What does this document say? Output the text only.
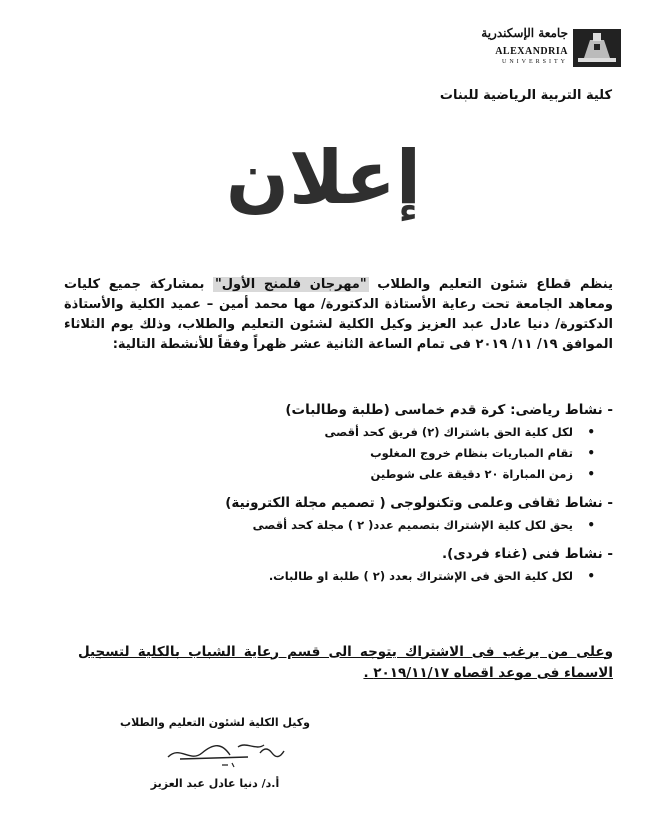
جامعة الإسكندرية
ALEXANDRIA
UNIVERSITY
كلية التربية الرياضية للبنات
إعلان

ينظم قطاع شئون التعليم والطلاب "مهرجان فلمنج الأول" بمشاركة جميع كليات ومعاهد الجامعة تحت رعاية الأستاذة الدكتورة/ مها محمد أمين – عميد الكلية والأستاذة الدكتورة/ دنيا عادل عبد العزيز وكيل الكلية لشئون التعليم والطلاب، وذلك يوم الثلاثاء الموافق ١٩/ ١١/ ٢٠١٩ فى تمام الساعة الثانية عشر ظهراً وفقاً للأنشطة التالية:

- نشاط رياضى: كرة قدم خماسى (طلبة وطالبات)
• لكل كلية الحق باشتراك (٢) فريق كحد أقصى
• تقام المباريات بنظام خروج المغلوب
• زمن المباراة ٢٠ دقيقة على شوطين
- نشاط ثقافى وعلمى وتكنولوجى ( تصميم مجلة الكترونية)
• يحق لكل كلية الإشتراك بتصميم عدد( ٢ ) مجلة كحد أقصى
- نشاط فنى (غناء فردى).
• لكل كلية الحق فى الإشتراك بعدد (٢ ) طلبة او طالبات.

وعلى من يرغب فى الاشتراك يتوجه الى قسم رعاية الشباب بالكلية لتسجيل الاسماء فى موعد اقصاه ٢٠١٩/١١/١٧ .

وكيل الكلية لشئون التعليم والطلاب
أ.د/ دنيا عادل عبد العزيز
